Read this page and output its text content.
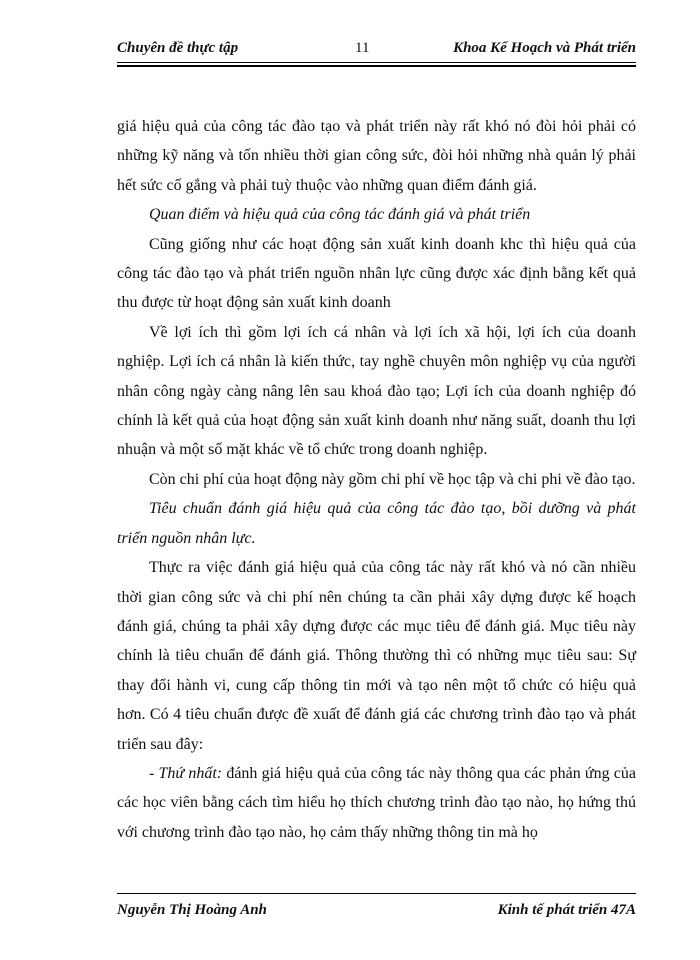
Chuyên đề thực tập	11	Khoa Kế Hoạch và Phát triển

giá hiệu quả của công tác đào tạo và phát triển này rất khó nó đòi hỏi phải có những kỹ năng và tốn nhiều thời gian công sức, đòi hỏi những nhà quản lý phải hết sức cố gắng và phải tuỳ thuộc vào những quan điểm đánh giá.

Quan điểm và hiệu quả của công tác đánh giá và phát triển

Cũng giống như các hoạt động sản xuất kinh doanh khc thì hiệu quả của công tác đào tạo và phát triển nguồn nhân lực cũng được xác định bằng kết quả thu được từ hoạt động sản xuất kinh doanh

Về lợi ích thì gồm lợi ích cá nhân và lợi ích xã hội, lợi ích của doanh nghiệp. Lợi ích cá nhân là kiến thức, tay nghề chuyên môn nghiệp vụ của người nhân công ngày càng nâng lên sau khoá đào tạo; Lợi ích của doanh nghiệp đó chính là kết quả của hoạt động sản xuất kinh doanh như năng suất, doanh thu lợi nhuận và một số mặt khác về tổ chức trong doanh nghiệp.

Còn chi phí của hoạt động này gồm chi phí về học tập và chi phi về đào tạo.

Tiêu chuẩn đánh giá hiệu quả của công tác đào tạo, bồi dưỡng và phát triển nguồn nhân lực.

Thực ra việc đánh giá hiệu quả của công tác này rất khó và nó cần nhiều thời gian công sức và chi phí nên chúng ta cần phải xây dựng được kế hoạch đánh giá, chúng ta phải xây dựng được các mục tiêu để đánh giá. Mục tiêu này chính là tiêu chuẩn để đánh giá. Thông thường thì có những mục tiêu sau: Sự thay đổi hành vi, cung cấp thông tin mới và tạo nên một tổ chức có hiệu quả hơn. Có 4 tiêu chuẩn được đề xuất để đánh giá các chương trình đào tạo và phát triển sau đây:

- Thứ nhất: đánh giá hiệu quả của công tác này thông qua các phản ứng của các học viên bằng cách tìm hiểu họ thích chương trình đào tạo nào, họ hứng thú với chương trình đào tạo nào, họ cảm thấy những thông tin mà họ

Nguyễn Thị Hoàng Anh	Kinh tế phát triển 47A
